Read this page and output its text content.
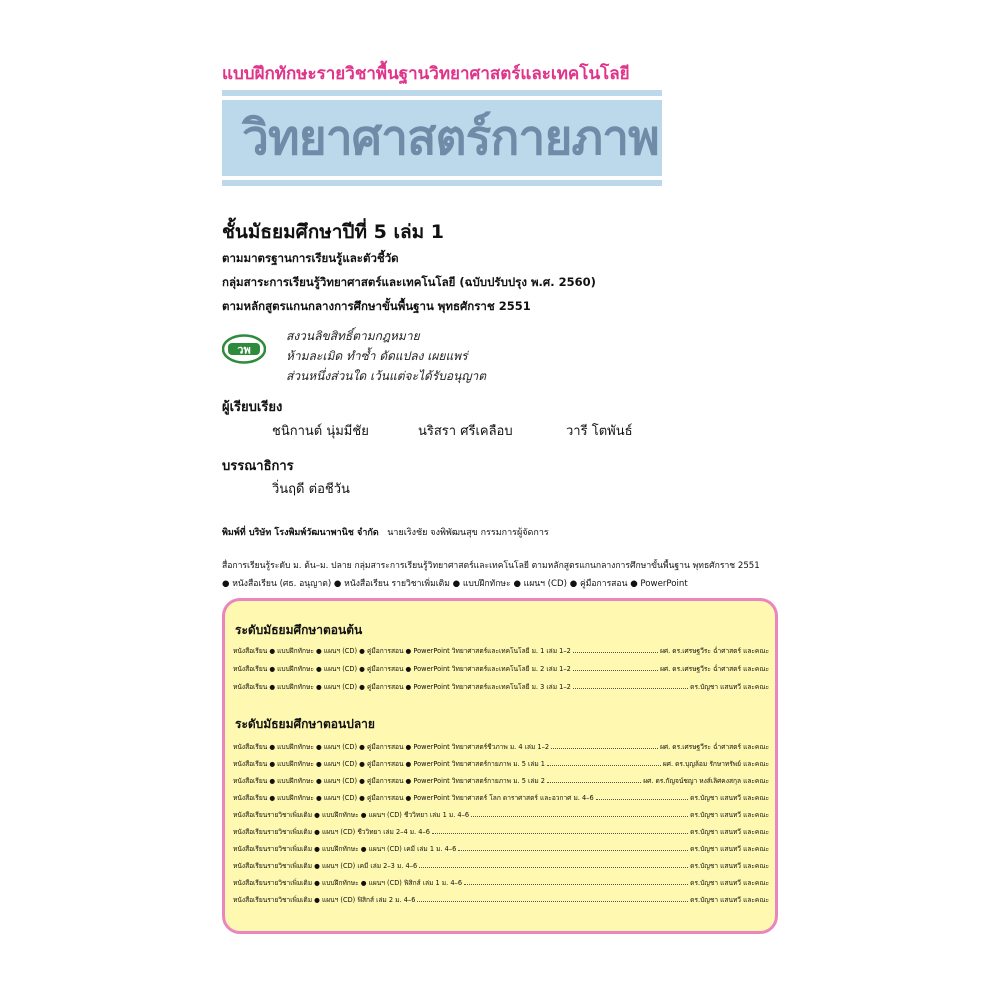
แบบฝึกทักษะรายวิชาพื้นฐานวิทยาศาสตร์และเทคโนโลยี
วิทยาศาสตร์กายภาพ
ชั้นมัธยมศึกษาปีที่ 5 เล่ม 1
ตามมาตรฐานการเรียนรู้และตัวชี้วัด
กลุ่มสาระการเรียนรู้วิทยาศาสตร์และเทคโนโลยี (ฉบับปรับปรุง พ.ศ. 2560)
ตามหลักสูตรแกนกลางการศึกษาขั้นพื้นฐาน พุทธศักราช 2551
วพ
สงวนลิขสิทธิ์ตามกฎหมาย
ห้ามละเมิด ทำซ้ำ ดัดแปลง เผยแพร่
ส่วนหนึ่งส่วนใด เว้นแต่จะได้รับอนุญาต
ผู้เรียบเรียง
ชนิกานต์ นุ่มมีชัย	นริสรา ศรีเคลือบ	วารี โตพันธ์
บรรณาธิการ
วิ่นฤดี ต่อชีวัน
พิมพ์ที่ บริษัท โรงพิมพ์วัฒนาพานิช จำกัด นายเริงชัย จงพิพัฒนสุข กรรมการผู้จัดการ
สื่อการเรียนรู้ระดับ ม. ต้น–ม. ปลาย กลุ่มสาระการเรียนรู้วิทยาศาสตร์และเทคโนโลยี ตามหลักสูตรแกนกลางการศึกษาขั้นพื้นฐาน พุทธศักราช 2551
● หนังสือเรียน (ศธ. อนุญาต) ● หนังสือเรียน รายวิชาเพิ่มเติม ● แบบฝึกทักษะ ● แผนฯ (CD) ● คู่มือการสอน ● PowerPoint
ระดับมัธยมศึกษาตอนต้น
หนังสือเรียน ● แบบฝึกทักษะ ● แผนฯ (CD) ● คู่มือการสอน ● PowerPoint วิทยาศาสตร์และเทคโนโลยี ม. 1 เล่ม 1–2	ผศ. ดร.เศรษฐวีระ ฉ่ำศาสตร์ และคณะ
หนังสือเรียน ● แบบฝึกทักษะ ● แผนฯ (CD) ● คู่มือการสอน ● PowerPoint วิทยาศาสตร์และเทคโนโลยี ม. 2 เล่ม 1–2	ผศ. ดร.เศรษฐวีระ ฉ่ำศาสตร์ และคณะ
หนังสือเรียน ● แบบฝึกทักษะ ● แผนฯ (CD) ● คู่มือการสอน ● PowerPoint วิทยาศาสตร์และเทคโนโลยี ม. 3 เล่ม 1–2	ดร.บัญชา แสนทวี และคณะ
ระดับมัธยมศึกษาตอนปลาย
หนังสือเรียน ● แบบฝึกทักษะ ● แผนฯ (CD) ● คู่มือการสอน ● PowerPoint วิทยาศาสตร์ชีวภาพ ม. 4 เล่ม 1–2	ผศ. ดร.เศรษฐวีระ ฉ่ำศาสตร์ และคณะ
หนังสือเรียน ● แบบฝึกทักษะ ● แผนฯ (CD) ● คู่มือการสอน ● PowerPoint วิทยาศาสตร์กายภาพ ม. 5 เล่ม 1	ผศ. ดร.บุญล้อม รักษาทรัพย์ และคณะ
หนังสือเรียน ● แบบฝึกทักษะ ● แผนฯ (CD) ● คู่มือการสอน ● PowerPoint วิทยาศาสตร์กายภาพ ม. 5 เล่ม 2	ผศ. ดร.กัญจน์ชญา หงส์เลิศคงสกุล และคณะ
หนังสือเรียน ● แบบฝึกทักษะ ● แผนฯ (CD) ● คู่มือการสอน ● PowerPoint วิทยาศาสตร์ โลก ดาราศาสตร์ และอวกาศ ม. 4–6	ดร.บัญชา แสนทวี และคณะ
หนังสือเรียนรายวิชาเพิ่มเติม ● แบบฝึกทักษะ ● แผนฯ (CD) ชีววิทยา เล่ม 1 ม. 4–6	ดร.บัญชา แสนทวี และคณะ
หนังสือเรียนรายวิชาเพิ่มเติม ● แผนฯ (CD) ชีววิทยา เล่ม 2–4 ม. 4–6	ดร.บัญชา แสนทวี และคณะ
หนังสือเรียนรายวิชาเพิ่มเติม ● แบบฝึกทักษะ ● แผนฯ (CD) เคมี เล่ม 1 ม. 4–6	ดร.บัญชา แสนทวี และคณะ
หนังสือเรียนรายวิชาเพิ่มเติม ● แผนฯ (CD) เคมี เล่ม 2–3 ม. 4–6	ดร.บัญชา แสนทวี และคณะ
หนังสือเรียนรายวิชาเพิ่มเติม ● แบบฝึกทักษะ ● แผนฯ (CD) ฟิสิกส์ เล่ม 1 ม. 4–6	ดร.บัญชา แสนทวี และคณะ
หนังสือเรียนรายวิชาเพิ่มเติม ● แผนฯ (CD) ฟิสิกส์ เล่ม 2 ม. 4–6	ดร.บัญชา แสนทวี และคณะ
